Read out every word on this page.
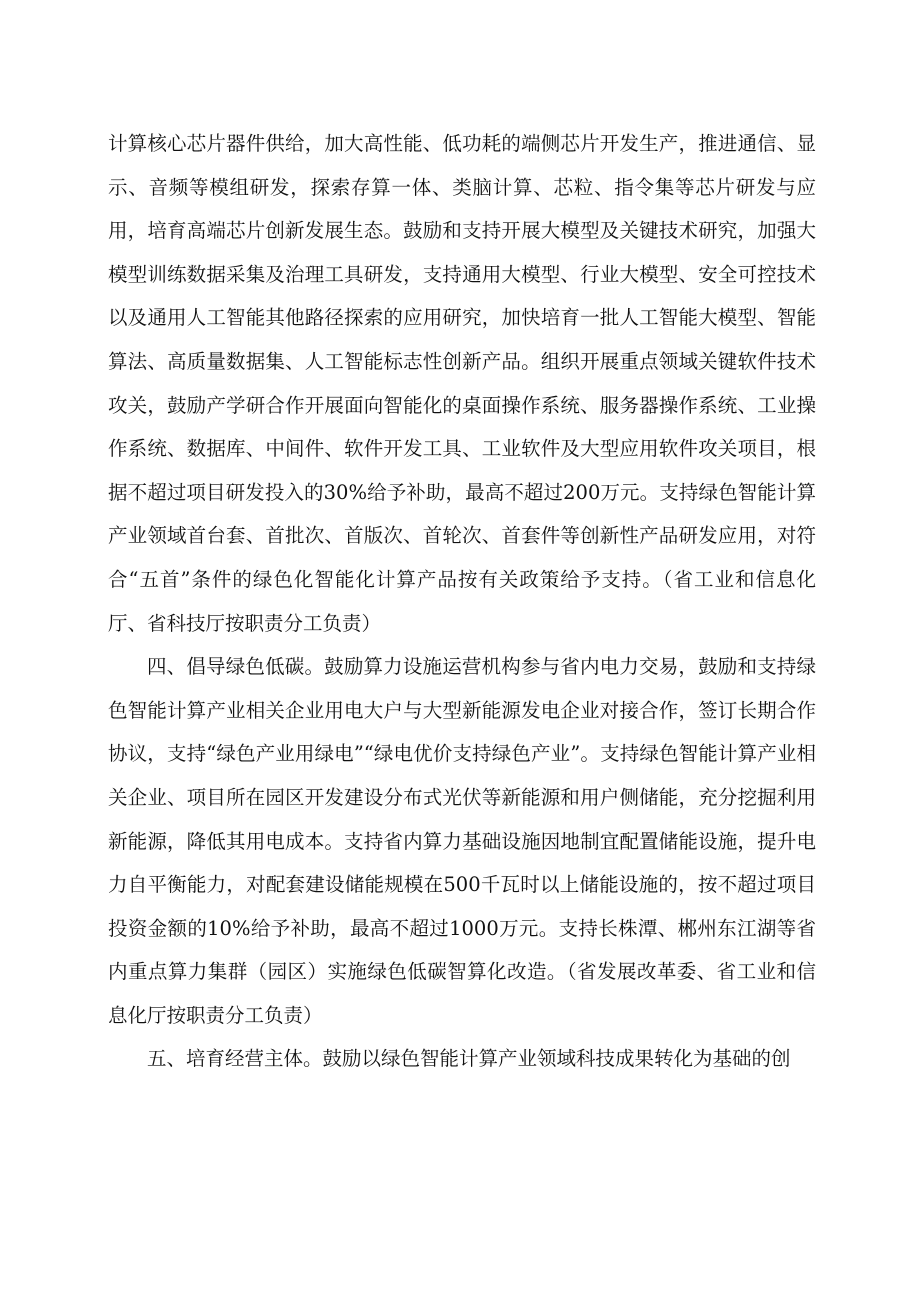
计算核心芯片器件供给，加大高性能、低功耗的端侧芯片开发生产，推进通信、显示、音频等模组研发，探索存算一体、类脑计算、芯粒、指令集等芯片研发与应用，培育高端芯片创新发展生态。鼓励和支持开展大模型及关键技术研究，加强大模型训练数据采集及治理工具研发，支持通用大模型、行业大模型、安全可控技术以及通用人工智能其他路径探索的应用研究，加快培育一批人工智能大模型、智能算法、高质量数据集、人工智能标志性创新产品。组织开展重点领域关键软件技术攻关，鼓励产学研合作开展面向智能化的桌面操作系统、服务器操作系统、工业操作系统、数据库、中间件、软件开发工具、工业软件及大型应用软件攻关项目，根据不超过项目研发投入的30%给予补助，最高不超过200万元。支持绿色智能计算产业领域首台套、首批次、首版次、首轮次、首套件等创新性产品研发应用，对符合“五首”条件的绿色化智能化计算产品按有关政策给予支持。（省工业和信息化厅、省科技厅按职责分工负责）

四、倡导绿色低碳。鼓励算力设施运营机构参与省内电力交易，鼓励和支持绿色智能计算产业相关企业用电大户与大型新能源发电企业对接合作，签订长期合作协议，支持“绿色产业用绿电”“绿电优价支持绿色产业”。支持绿色智能计算产业相关企业、项目所在园区开发建设分布式光伏等新能源和用户侧储能，充分挖掘利用新能源，降低其用电成本。支持省内算力基础设施因地制宜配置储能设施，提升电力自平衡能力，对配套建设储能规模在500千瓦时以上储能设施的，按不超过项目投资金额的10%给予补助，最高不超过1000万元。支持长株潭、郴州东江湖等省内重点算力集群（园区）实施绿色低碳智算化改造。（省发展改革委、省工业和信息化厅按职责分工负责）

五、培育经营主体。鼓励以绿色智能计算产业领域科技成果转化为基础的创
